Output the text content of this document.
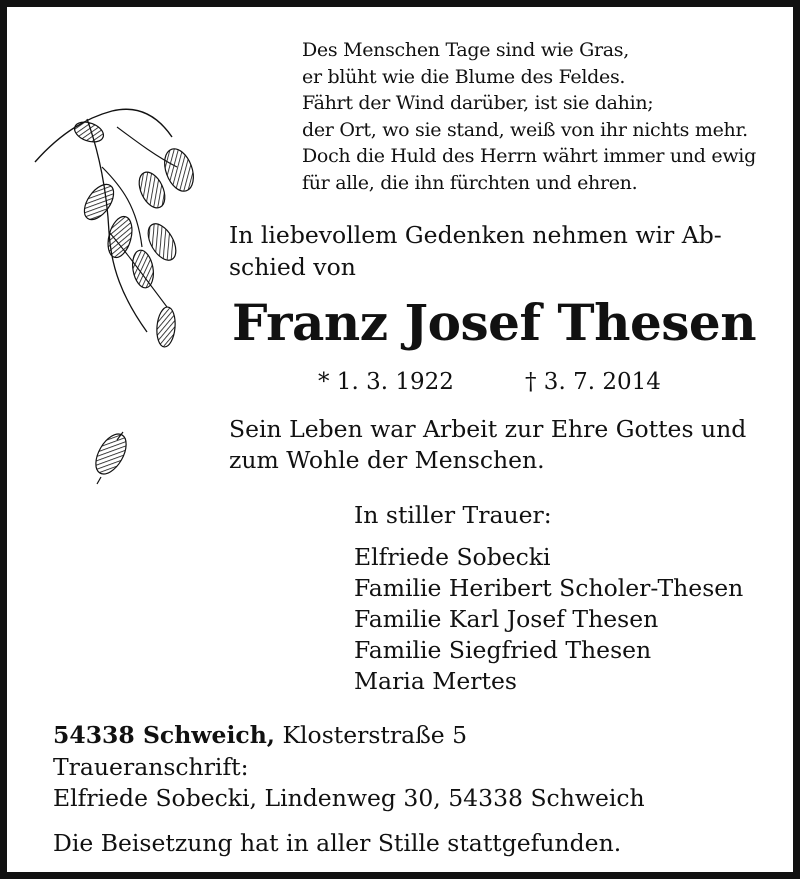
Des Menschen Tage sind wie Gras,
er blüht wie die Blume des Feldes.
Fährt der Wind darüber, ist sie dahin;
der Ort, wo sie stand, weiß von ihr nichts mehr.
Doch die Huld des Herrn währt immer und ewig
für alle, die ihn fürchten und ehren.
In liebevollem Gedenken nehmen wir Ab-
schied von
Franz Josef Thesen
* 1. 3. 1922	† 3. 7. 2014
Sein Leben war Arbeit zur Ehre Gottes und
zum Wohle der Menschen.
In stiller Trauer:
Elfriede Sobecki
Familie Heribert Scholer-Thesen
Familie Karl Josef Thesen
Familie Siegfried Thesen
Maria Mertes
54338 Schweich, Klosterstraße 5
Traueranschrift:
Elfriede Sobecki, Lindenweg 30, 54338 Schweich
Die Beisetzung hat in aller Stille stattgefunden.
